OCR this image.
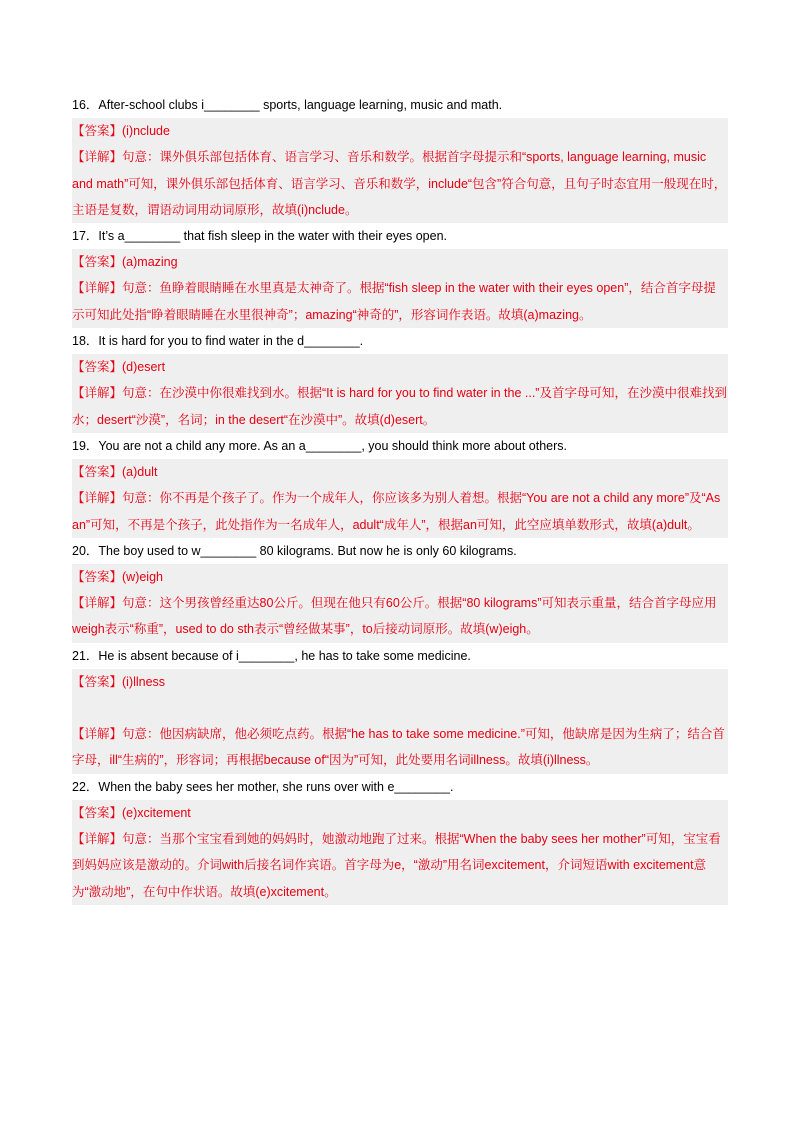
16．After-school clubs i________ sports, language learning, music and math.
【答案】(i)nclude
【详解】句意：课外俱乐部包括体育、语言学习、音乐和数学。根据首字母提示和“sports, language learning, music and math”可知，课外俱乐部包括体育、语言学习、音乐和数学，include“包含”符合句意，且句子时态宜用一般现在时，主语是复数，谓语动词用动词原形，故填(i)nclude。
17．It’s a________ that fish sleep in the water with their eyes open.
【答案】(a)mazing
【详解】句意：鱼睁着眼睛睡在水里真是太神奇了。根据“fish sleep in the water with their eyes open”，结合首字母提示可知此处指“睁着眼睛睡在水里很神奇”；amazing“神奇的”，形容词作表语。故填(a)mazing。
18．It is hard for you to find water in the d________.
【答案】(d)esert
【详解】句意：在沙漠中你很难找到水。根据“It is hard for you to find water in the ...”及首字母可知，在沙漠中很难找到水；desert“沙漠”，名词；in the desert“在沙漠中”。故填(d)esert。
19．You are not a child any more. As an a________, you should think more about others.
【答案】(a)dult
【详解】句意：你不再是个孩子了。作为一个成年人，你应该多为别人着想。根据“You are not a child any more”及“As an”可知，不再是个孩子，此处指作为一名成年人，adult“成年人”，根据an可知，此空应填单数形式，故填(a)dult。
20．The boy used to w________ 80 kilograms. But now he is only 60 kilograms.
【答案】(w)eigh
【详解】句意：这个男孩曾经重达80公斤。但现在他只有60公斤。根据“80 kilograms”可知表示重量，结合首字母应用weigh表示“称重”，used to do sth表示“曾经做某事”，to后接动词原形。故填(w)eigh。
21．He is absent because of i________, he has to take some medicine.
【答案】(i)llness
【详解】句意：他因病缺席，他必须吃点药。根据“he has to take some medicine.”可知，他缺席是因为生病了；结合首字母，ill“生病的”，形容词；再根据because of“因为”可知，此处要用名词illness。故填(i)llness。
22．When the baby sees her mother, she runs over with e________.
【答案】(e)xcitement
【详解】句意：当那个宝宝看到她的妈妈时，她激动地跑了过来。根据“When the baby sees her mother”可知，宝宝看到妈妈应该是激动的。介词with后接名词作宾语。首字母为e，“激动”用名词excitement，介词短语with excitement意为“激动地”，在句中作状语。故填(e)xcitement。
